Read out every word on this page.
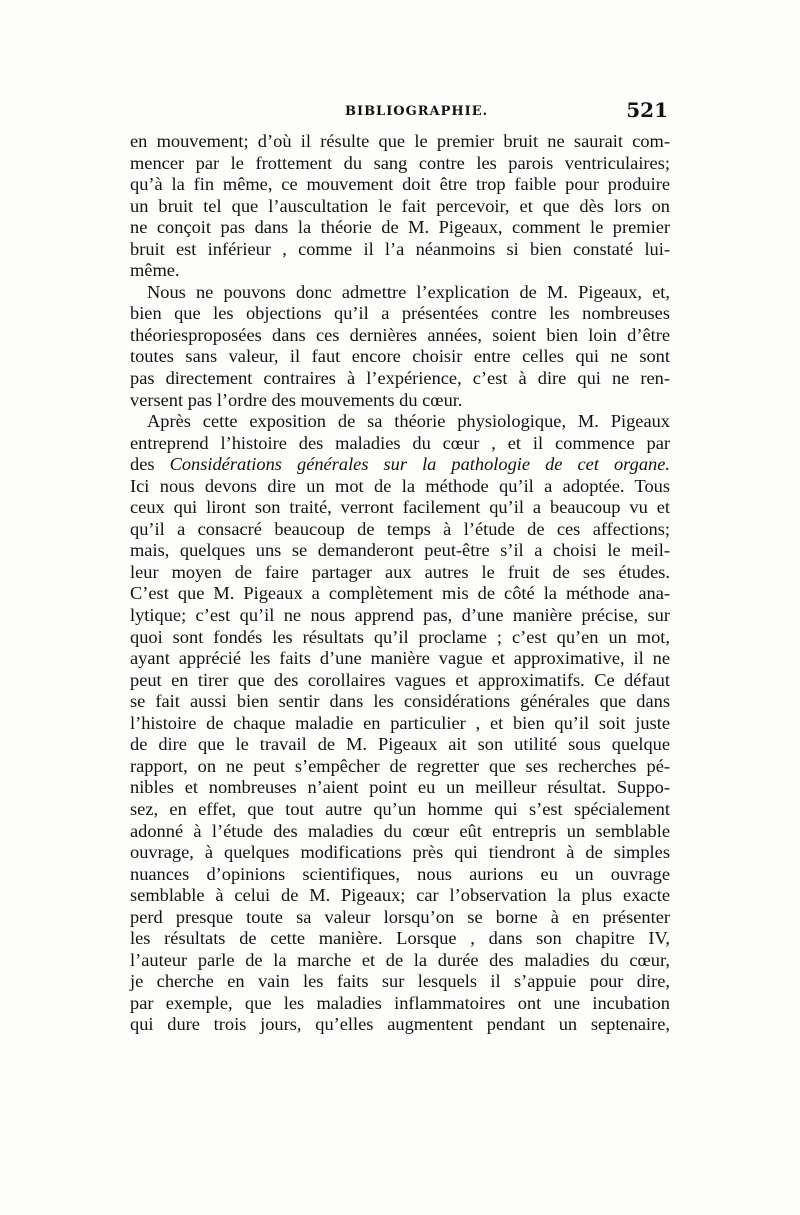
BIBLIOGRAPHIE.	521
en mouvement; d’où il résulte que le premier bruit ne saurait com-
mencer par le frottement du sang contre les parois ventriculaires;
qu’à la fin même, ce mouvement doit être trop faible pour produire
un bruit tel que l’auscultation le fait percevoir, et que dès lors on
ne conçoit pas dans la théorie de M. Pigeaux, comment le premier
bruit est inférieur , comme il l’a néanmoins si bien constaté lui-
même.
Nous ne pouvons donc admettre l’explication de M. Pigeaux, et,
bien que les objections qu’il a présentées contre les nombreuses
théoriesproposées dans ces dernières années, soient bien loin d’être
toutes sans valeur, il faut encore choisir entre celles qui ne sont
pas directement contraires à l’expérience, c’est à dire qui ne ren-
versent pas l’ordre des mouvements du cœur.
Après cette exposition de sa théorie physiologique, M. Pigeaux
entreprend l’histoire des maladies du cœur , et il commence par
des Considérations générales sur la pathologie de cet organe.
Ici nous devons dire un mot de la méthode qu’il a adoptée. Tous
ceux qui liront son traité, verront facilement qu’il a beaucoup vu et
qu’il a consacré beaucoup de temps à l’étude de ces affections;
mais, quelques uns se demanderont peut-être s’il a choisi le meil-
leur moyen de faire partager aux autres le fruit de ses études.
C’est que M. Pigeaux a complètement mis de côté la méthode ana-
lytique; c’est qu’il ne nous apprend pas, d’une manière précise, sur
quoi sont fondés les résultats qu’il proclame ; c’est qu’en un mot,
ayant apprécié les faits d’une manière vague et approximative, il ne
peut en tirer que des corollaires vagues et approximatifs. Ce défaut
se fait aussi bien sentir dans les considérations générales que dans
l’histoire de chaque maladie en particulier , et bien qu’il soit juste
de dire que le travail de M. Pigeaux ait son utilité sous quelque
rapport, on ne peut s’empêcher de regretter que ses recherches pé-
nibles et nombreuses n’aient point eu un meilleur résultat. Suppo-
sez, en effet, que tout autre qu’un homme qui s’est spécialement
adonné à l’étude des maladies du cœur eût entrepris un semblable
ouvrage, à quelques modifications près qui tiendront à de simples
nuances d’opinions scientifiques, nous aurions eu un ouvrage
semblable à celui de M. Pigeaux; car l’observation la plus exacte
perd presque toute sa valeur lorsqu’on se borne à en présenter
les résultats de cette manière. Lorsque , dans son chapitre IV,
l’auteur parle de la marche et de la durée des maladies du cœur,
je cherche en vain les faits sur lesquels il s’appuie pour dire,
par exemple, que les maladies inflammatoires ont une incubation
qui dure trois jours, qu’elles augmentent pendant un septenaire,
